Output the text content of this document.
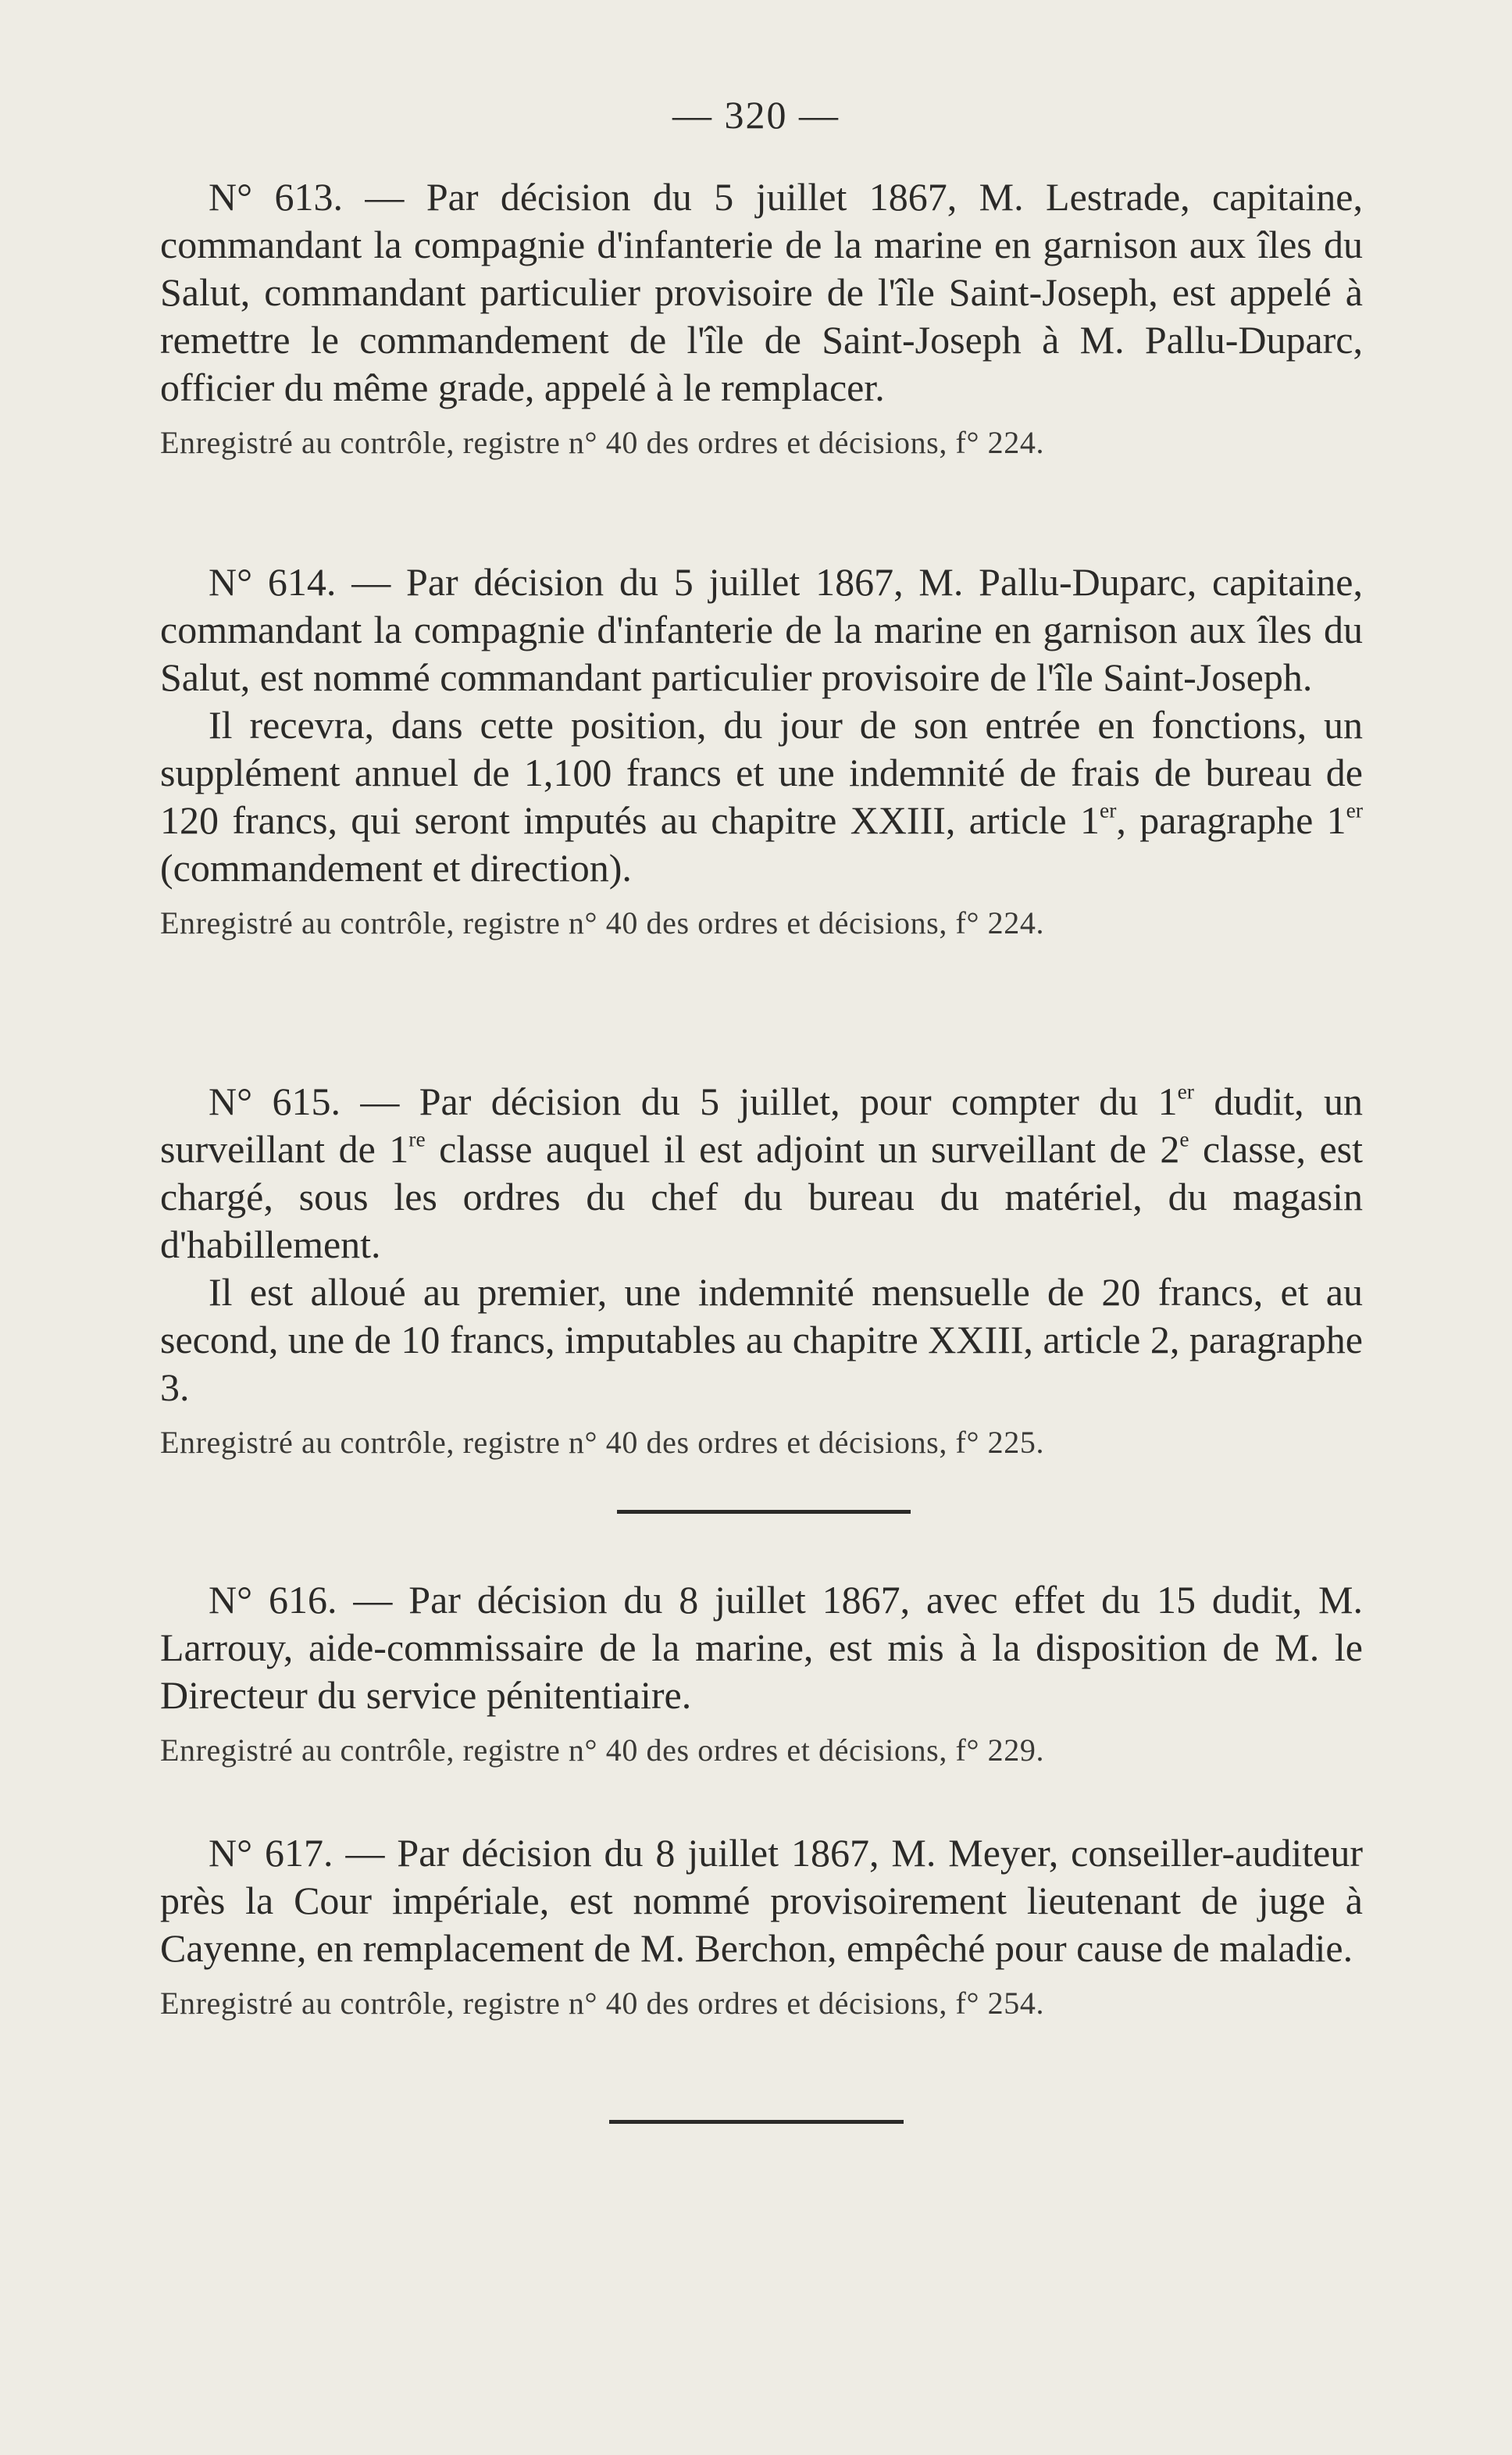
— 320 —

N° 613. — Par décision du 5 juillet 1867, M. Lestrade, capitaine, commandant la compagnie d'infanterie de la marine en garnison aux îles du Salut, commandant particulier provisoire de l'île Saint-Joseph, est appelé à remettre le commandement de l'île de Saint-Joseph à M. Pallu-Duparc, officier du même grade, appelé à le remplacer.

Enregistré au contrôle, registre n° 40 des ordres et décisions, f° 224.

N° 614. — Par décision du 5 juillet 1867, M. Pallu-Duparc, capitaine, commandant la compagnie d'infanterie de la marine en garnison aux îles du Salut, est nommé commandant particulier provisoire de l'île Saint-Joseph.

Il recevra, dans cette position, du jour de son entrée en fonctions, un supplément annuel de 1,100 francs et une indemnité de frais de bureau de 120 francs, qui seront imputés au chapitre XXIII, article 1er, paragraphe 1er (commandement et direction).

Enregistré au contrôle, registre n° 40 des ordres et décisions, f° 224.

N° 615. — Par décision du 5 juillet, pour compter du 1er dudit, un surveillant de 1re classe auquel il est adjoint un surveillant de 2e classe, est chargé, sous les ordres du chef du bureau du matériel, du magasin d'habillement.

Il est alloué au premier, une indemnité mensuelle de 20 francs, et au second, une de 10 francs, imputables au chapitre XXIII, article 2, paragraphe 3.

Enregistré au contrôle, registre n° 40 des ordres et décisions, f° 225.

N° 616. — Par décision du 8 juillet 1867, avec effet du 15 dudit, M. Larrouy, aide-commissaire de la marine, est mis à la disposition de M. le Directeur du service pénitentiaire.

Enregistré au contrôle, registre n° 40 des ordres et décisions, f° 229.

N° 617. — Par décision du 8 juillet 1867, M. Meyer, conseiller-auditeur près la Cour impériale, est nommé provisoirement lieutenant de juge à Cayenne, en remplacement de M. Berchon, empêché pour cause de maladie.

Enregistré au contrôle, registre n° 40 des ordres et décisions, f° 254.
